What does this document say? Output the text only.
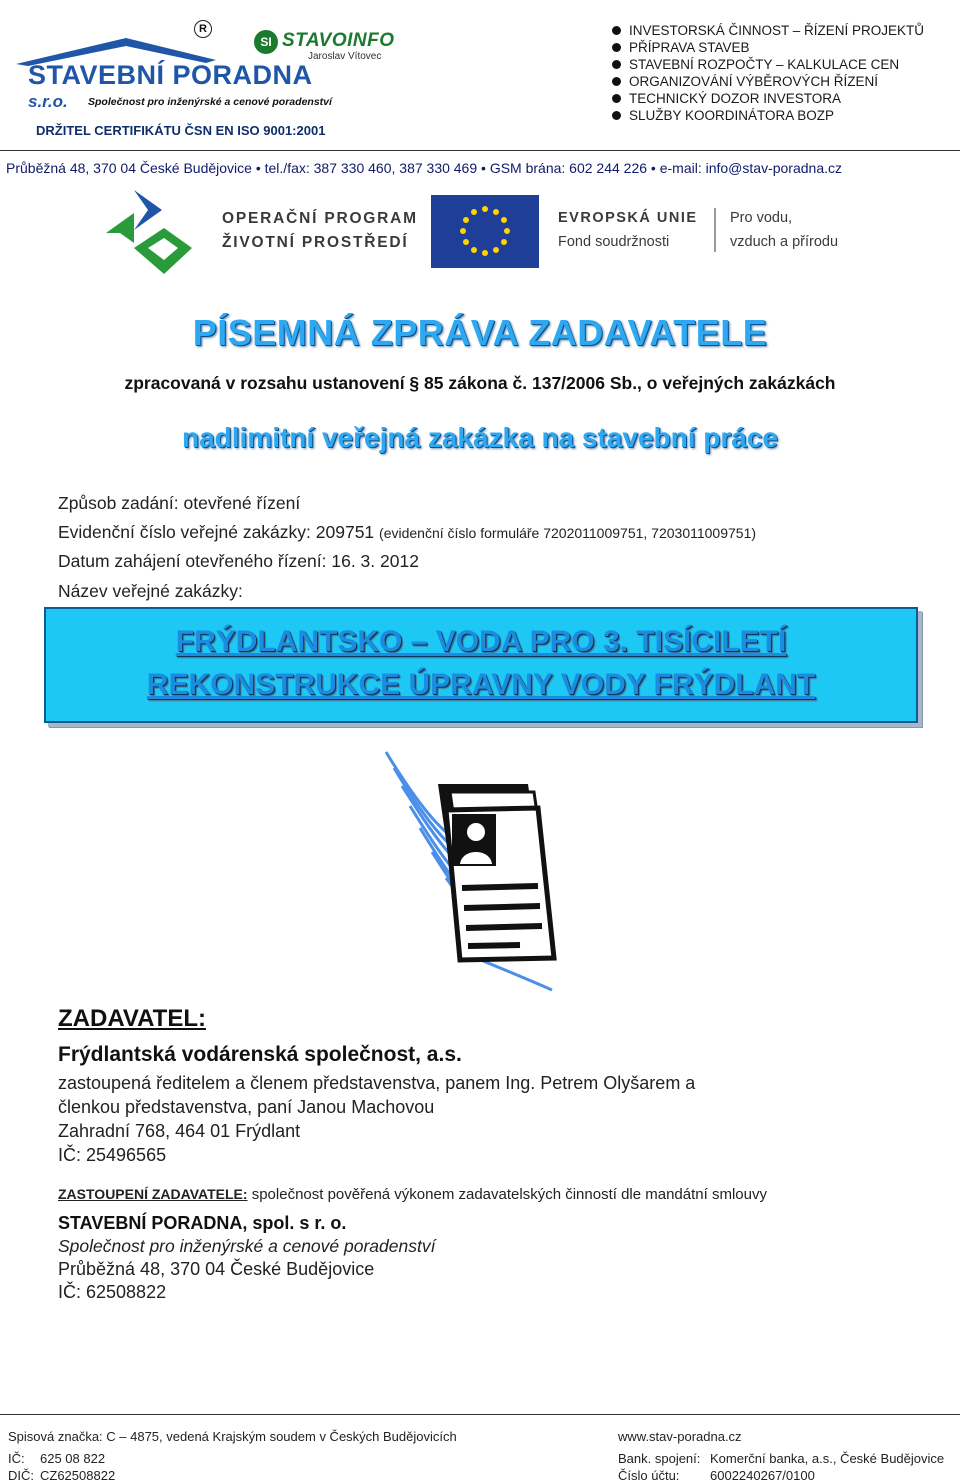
R
SI STAVOINFO
Jaroslav Vítovec
STAVEBNÍ PORADNA
s.r.o. Společnost pro inženýrské a cenové poradenství
DRŽITEL CERTIFIKÁTU ČSN EN ISO 9001:2001
INVESTORSKÁ ČINNOST – ŘÍZENÍ PROJEKTŮ
PŘÍPRAVA STAVEB
STAVEBNÍ ROZPOČTY – KALKULACE CEN
ORGANIZOVÁNÍ VÝBĚROVÝCH ŘÍZENÍ
TECHNICKÝ DOZOR INVESTORA
SLUŽBY KOORDINÁTORA BOZP
Průběžná 48, 370 04 České Budějovice • tel./fax: 387 330 460, 387 330 469 • GSM brána: 602 244 226 • e-mail: info@stav-poradna.cz
OPERAČNÍ PROGRAM
ŽIVOTNÍ PROSTŘEDÍ
EVROPSKÁ UNIE
Fond soudržnosti
Pro vodu,
vzduch a přírodu
PÍSEMNÁ ZPRÁVA ZADAVATELE
zpracovaná v rozsahu ustanovení § 85 zákona č. 137/2006 Sb., o veřejných zakázkách
nadlimitní veřejná zakázka na stavební práce
Způsob zadání: otevřené řízení
Evidenční číslo veřejné zakázky: 209751 (evidenční číslo formuláře 7202011009751, 7203011009751)
Datum zahájení otevřeného řízení: 16. 3. 2012
Název veřejné zakázky:
FRÝDLANTSKO – VODA PRO 3. TISÍCILETÍ
REKONSTRUKCE ÚPRAVNY VODY FRÝDLANT
ZADAVATEL:
Frýdlantská vodárenská společnost, a.s.
zastoupená ředitelem a členem představenstva, panem Ing. Petrem Olyšarem a
členkou představenstva, paní Janou Machovou
Zahradní 768, 464 01 Frýdlant
IČ: 25496565
ZASTOUPENÍ ZADAVATELE: společnost pověřená výkonem zadavatelských činností dle mandátní smlouvy
STAVEBNÍ PORADNA, spol. s r. o.
Společnost pro inženýrské a cenové poradenství
Průběžná 48, 370 04 České Budějovice
IČ: 62508822
Spisová značka: C – 4875, vedená Krajským soudem v Českých Budějovicích
IČ: 625 08 822
DIČ: CZ62508822
www.stav-poradna.cz
Bank. spojení: Komerční banka, a.s., České Budějovice
Číslo účtu: 6002240267/0100
